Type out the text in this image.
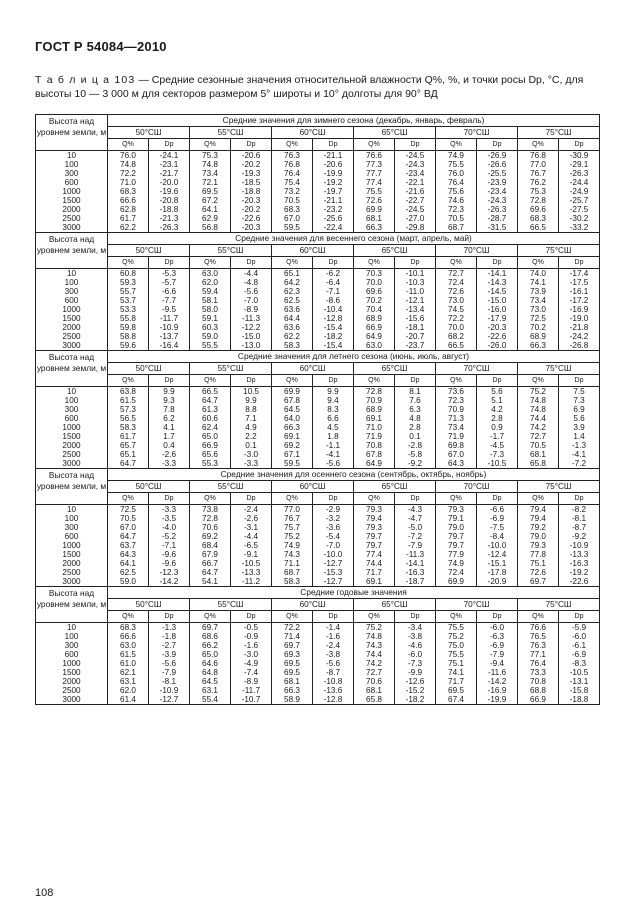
ГОСТ Р 54084—2010
Т а б л и ц а 103 — Средние сезонные значения относительной влажности Q%, %, и точки росы Dp, °С, для высоты 10 — 3 000 м для секторов размером 5° широты и 10° долготы для 90° ВД
Высота над уровнем земли, м	Средние значения для зимнего сезона (декабрь, январь, февраль)											
	50°СШ		55°СШ		60°СШ		65°СШ		70°СШ		75°СШ	
	Q%	Dp	Q%	Dp	Q%	Dp	Q%	Dp	Q%	Dp	Q%	Dp
10	76.0	-24.1	75.3	-20.6	76.3	-21.1	76.6	-24.5	74.9	-26.9	76.8	-30.9
100	74.8	-23.1	74.8	-20.2	76.8	-20.6	77.3	-24.3	75.5	-26.6	77.0	-29.1
300	72.2	-21.7	73.4	-19.3	76.4	-19.9	77.7	-23.4	76.0	-25.5	76.7	-26.3
600	71.0	-20.0	72.1	-18.5	75.4	-19.2	77.4	-22.1	76.4	-23.9	76.2	-24.4
1000	68.3	-19.6	69.5	-18.8	73.2	-19.7	75.5	-21.6	75.6	-23.4	75.3	-24.9
1500	66.6	-20.8	67.2	-20.3	70.5	-21.1	72.6	-22.7	74.6	-24.3	72.8	-25.7
2000	62.8	-18.8	64.1	-20.2	68.3	-23.2	69.9	-24.5	72.3	-26.3	69.6	-27.5
2500	61.7	-21.3	62.9	-22.6	67.0	-25.6	68.1	-27.0	70.5	-28.7	68.3	-30.2
3000	62.2	-26.3	56.8	-20.3	59.5	-22.4	66.3	-29.8	68.7	-31.5	66.5	-33.2
Высота над уровнем земли, м	Средние значения для весеннего сезона (март, апрель, май)											
	50°СШ		55°СШ		60°СШ		65°СШ		70°СШ		75°СШ	
	Q%	Dp	Q%	Dp	Q%	Dp	Q%	Dp	Q%	Dp	Q%	Dp
10	60.8	-5.3	63.0	-4.4	65.1	-6.2	70.3	-10.1	72.7	-14.1	74.0	-17.4
100	59.3	-5.7	62.0	-4.8	64.2	-6.4	70.0	-10.3	72.4	-14.3	74.1	-17.5
300	55.7	-6.6	59.4	-5.6	62.3	-7.1	69.6	-11.0	72.6	-14.5	73.9	-16.1
600	53.7	-7.7	58.1	-7.0	62.5	-8.6	70.2	-12.1	73.0	-15.0	73.4	-17.2
1000	53.3	-9.5	58.0	-8.9	63.6	-10.4	70.4	-13.4	74.5	-16.0	73.0	-16.9
1500	55.8	-11.7	59.1	-11.3	64.4	-12.8	68.9	-15.6	72.2	-17.9	72.5	-19.0
2000	59.8	-10.9	60.3	-12.2	63.6	-15.4	66.9	-18.1	70.0	-20.3	70.2	-21.8
2500	58.8	-13.7	59.0	-15.0	62.2	-18.2	64.9	-20.7	68.2	-22.6	68.9	-24.2
3000	59.6	-16.4	55.5	-13.0	58.3	-15.4	63.0	-23.7	66.5	-26.0	66.3	-26.8
Высота над уровнем земли, м	Средние значения для летнего сезона (июнь, июль, август)											
	50°СШ		55°СШ		60°СШ		65°СШ		70°СШ		75°СШ	
	Q%	Dp	Q%	Dp	Q%	Dp	Q%	Dp	Q%	Dp	Q%	Dp
10	63.8	9.9	66.5	10.5	69.9	9.9	72.8	8.1	73.6	5.6	75.2	7.5
100	61.5	9.3	64.7	9.9	67.8	9.4	70.9	7.6	72.3	5.1	74.8	7.3
300	57.3	7.8	61.3	8.8	64.5	8.3	68.9	6.3	70.9	4.2	74.8	6.9
600	56.5	6.2	60.6	7.1	64.0	6.6	69.1	4.8	71.3	2.8	74.4	5.6
1000	58.3	4.1	62.4	4.9	66.3	4.5	71.0	2.8	73.4	0.9	74.2	3.9
1500	61.7	1.7	65.0	2.2	69.1	1.8	71.9	0.1	71.9	-1.7	72.7	1.4
2000	65.7	0.4	66.9	0.1	69.2	-1.1	70.8	-2.8	69.8	-4.5	70.5	-1.3
2500	65.1	-2.6	65.6	-3.0	67.1	-4.1	67.8	-5.8	67.0	-7.3	68.1	-4.1
3000	64.7	-3.3	55.3	-3.3	59.5	-5.6	64.9	-9.2	64.3	-10.5	65.8	-7.2
Высота над уровнем земли, м	Средние значения для осеннего сезона (сентябрь, октябрь, ноябрь)											
	50°СШ		55°СШ		60°СШ		65°СШ		70°СШ		75°СШ	
	Q%	Dp	Q%	Dp	Q%	Dp	Q%	Dp	Q%	Dp	Q%	Dp
10	72.5	-3.3	73.8	-2.4	77.0	-2.9	79.3	-4.3	79.3	-6.6	79.4	-8.2
100	70.5	-3.5	72.8	-2.6	76.7	-3.2	79.4	-4.7	79.1	-6.9	79.4	-8.1
300	67.0	-4.0	70.6	-3.1	75.7	-3.6	79.3	-5.0	79.0	-7.5	79.2	-8.7
600	64.7	-5.2	69.2	-4.4	75.2	-5.4	79.7	-7.2	79.7	-8.4	79.0	-9.2
1000	63.7	-7.1	68.4	-6.5	74.9	-7.0	79.7	-7.9	79.7	-10.0	79.3	-10.9
1500	64.3	-9.6	67.9	-9.1	74.3	-10.0	77.4	-11.3	77.9	-12.4	77.8	-13.3
2000	64.1	-9.6	66.7	-10.5	71.1	-12.7	74.4	-14.1	74.9	-15.1	75.1	-16.3
2500	62.5	-12.3	64.7	-13.3	68.7	-15.3	71.7	-16.3	72.4	-17.8	72.6	-19.2
3000	59.0	-14.2	54.1	-11.2	58.3	-12.7	69.1	-18.7	69.9	-20.9	69.7	-22.6
Высота над уровнем земли, м	Средние годовые значения											
	50°СШ		55°СШ		60°СШ		65°СШ		70°СШ		75°СШ	
	Q%	Dp	Q%	Dp	Q%	Dp	Q%	Dp	Q%	Dp	Q%	Dp
10	68.3	-1.3	69.7	-0.5	72.2	-1.4	75.2	-3.4	75.5	-6.0	76.6	-5.9
100	66.6	-1.8	68.6	-0.9	71.4	-1.6	74.8	-3.8	75.2	-6.3	76.5	-6.0
300	63.0	-2.7	66.2	-1.6	69.7	-2.4	74.3	-4.6	75.0	-6.9	76.3	-6.1
600	61.5	-3.9	65.0	-3.0	69.3	-3.8	74.4	-6.0	75.5	-7.9	77.1	-6.9
1000	61.0	-5.6	64.6	-4.9	69.5	-5.6	74.2	-7.3	75.1	-9.4	76.4	-8.3
1500	62.1	-7.9	64.8	-7.4	69.5	-8.7	72.7	-9.9	74.1	-11.6	73.3	-10.5
2000	63.1	-8.1	64.5	-8.9	68.1	-10.8	70.6	-12.6	71.7	-14.2	70.8	-13.1
2500	62.0	-10.9	63.1	-11.7	66.3	-13.6	68.1	-15.2	69.5	-16.9	68.8	-15.8
3000	61.4	-12.7	55.4	-10.7	58.9	-12.8	65.8	-18.2	67.4	-19.9	66.9	-18.8
108
